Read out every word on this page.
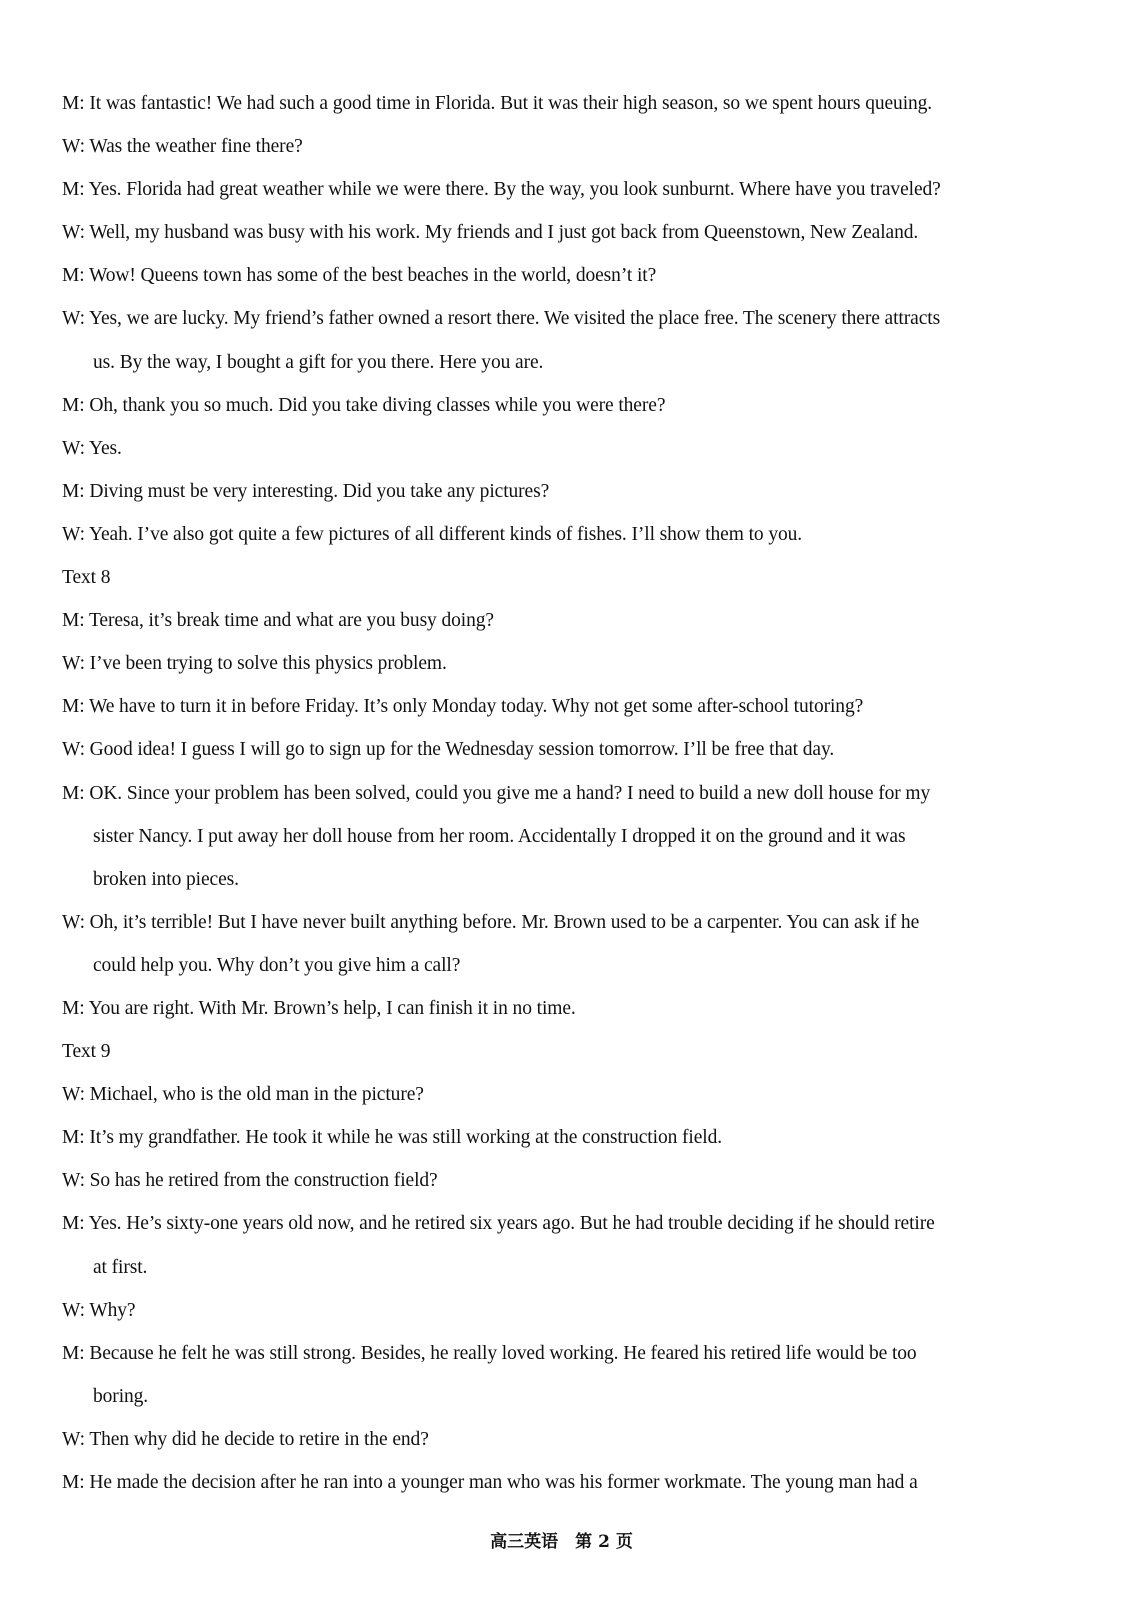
M: It was fantastic! We had such a good time in Florida. But it was their high season, so we spent hours queuing.
W: Was the weather fine there?
M: Yes. Florida had great weather while we were there. By the way, you look sunburnt. Where have you traveled?
W: Well, my husband was busy with his work. My friends and I just got back from Queenstown, New Zealand.
M: Wow! Queens town has some of the best beaches in the world, doesn’t it?
W: Yes, we are lucky. My friend’s father owned a resort there. We visited the place free. The scenery there attracts
us. By the way, I bought a gift for you there. Here you are.
M: Oh, thank you so much. Did you take diving classes while you were there?
W: Yes.
M: Diving must be very interesting. Did you take any pictures?
W: Yeah. I’ve also got quite a few pictures of all different kinds of fishes. I’ll show them to you.
Text 8
M: Teresa, it’s break time and what are you busy doing?
W: I’ve been trying to solve this physics problem.
M: We have to turn it in before Friday. It’s only Monday today. Why not get some after-school tutoring?
W: Good idea! I guess I will go to sign up for the Wednesday session tomorrow. I’ll be free that day.
M: OK. Since your problem has been solved, could you give me a hand? I need to build a new doll house for my
sister Nancy. I put away her doll house from her room. Accidentally I dropped it on the ground and it was
broken into pieces.
W: Oh, it’s terrible! But I have never built anything before. Mr. Brown used to be a carpenter. You can ask if he
could help you. Why don’t you give him a call?
M: You are right. With Mr. Brown’s help, I can finish it in no time.
Text 9
W: Michael, who is the old man in the picture?
M: It’s my grandfather. He took it while he was still working at the construction field.
W: So has he retired from the construction field?
M: Yes. He’s sixty-one years old now, and he retired six years ago. But he had trouble deciding if he should retire
at first.
W: Why?
M: Because he felt he was still strong. Besides, he really loved working. He feared his retired life would be too
boring.
W: Then why did he decide to retire in the end?
M: He made the decision after he ran into a younger man who was his former workmate. The young man had a
高三英语　第 2 页
